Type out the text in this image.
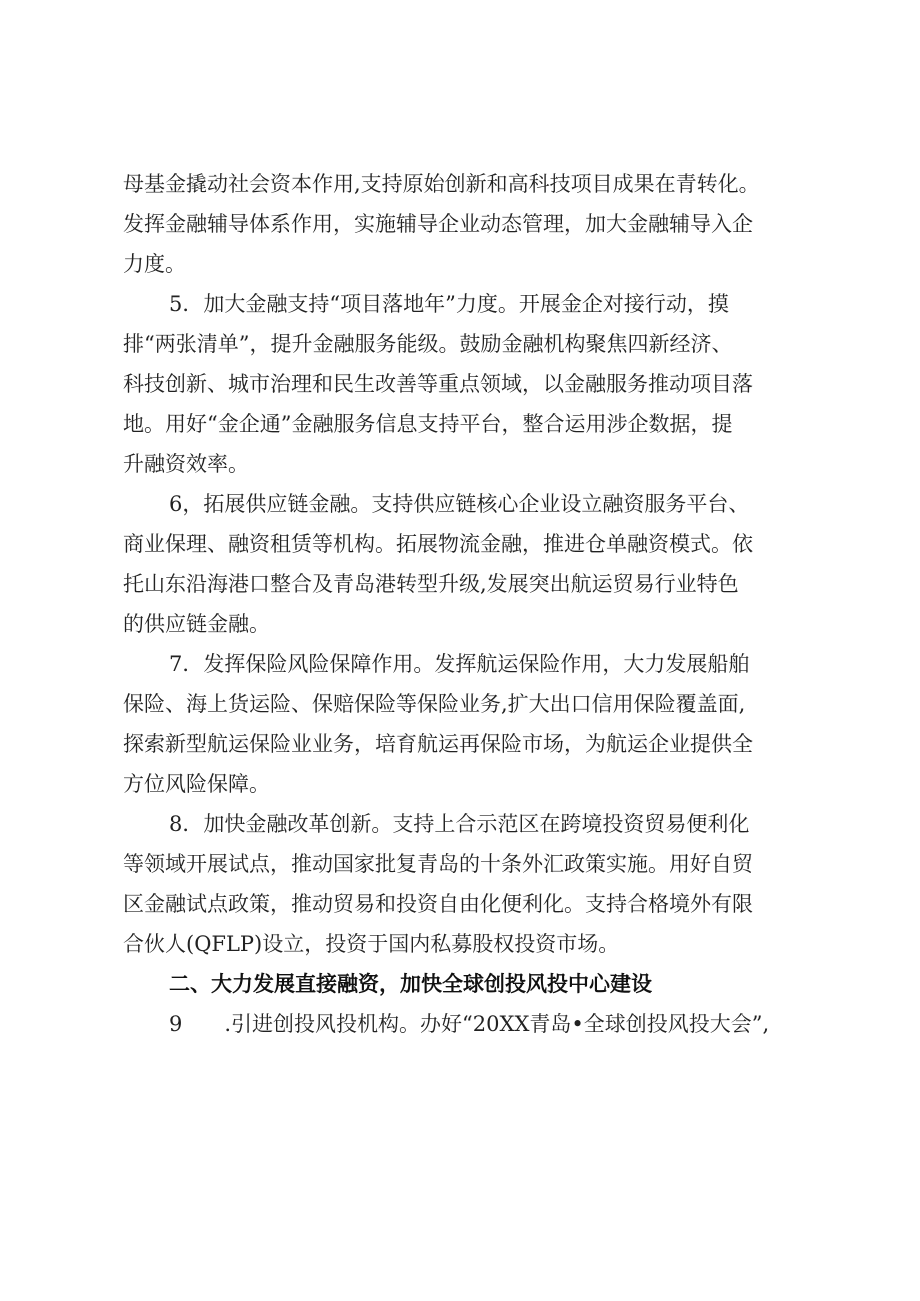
母基金撬动社会资本作用,支持原始创新和高科技项目成果在青转化。
发挥金融辅导体系作用，实施辅导企业动态管理，加大金融辅导入企
力度。
5．加大金融支持“项目落地年”力度。开展金企对接行动，摸
排“两张清单”，提升金融服务能级。鼓励金融机构聚焦四新经济、
科技创新、城市治理和民生改善等重点领域，以金融服务推动项目落
地。用好“金企通”金融服务信息支持平台，整合运用涉企数据，提
升融资效率。
6，拓展供应链金融。支持供应链核心企业设立融资服务平台、
商业保理、融资租赁等机构。拓展物流金融，推进仓单融资模式。依
托山东沿海港口整合及青岛港转型升级,发展突出航运贸易行业特色
的供应链金融。
7．发挥保险风险保障作用。发挥航运保险作用，大力发展船舶
保险、海上货运险、保赔保险等保险业务,扩大出口信用保险覆盖面,
探索新型航运保险业业务，培育航运再保险市场，为航运企业提供全
方位风险保障。
8．加快金融改革创新。支持上合示范区在跨境投资贸易便利化
等领域开展试点，推动国家批复青岛的十条外汇政策实施。用好自贸
区金融试点政策，推动贸易和投资自由化便利化。支持合格境外有限
合伙人(QFLP)设立，投资于国内私募股权投资市场。
二、大力发展直接融资，加快全球创投风投中心建设
9　　.引进创投风投机构。办好“20XX青岛•全球创投风投大会”,
